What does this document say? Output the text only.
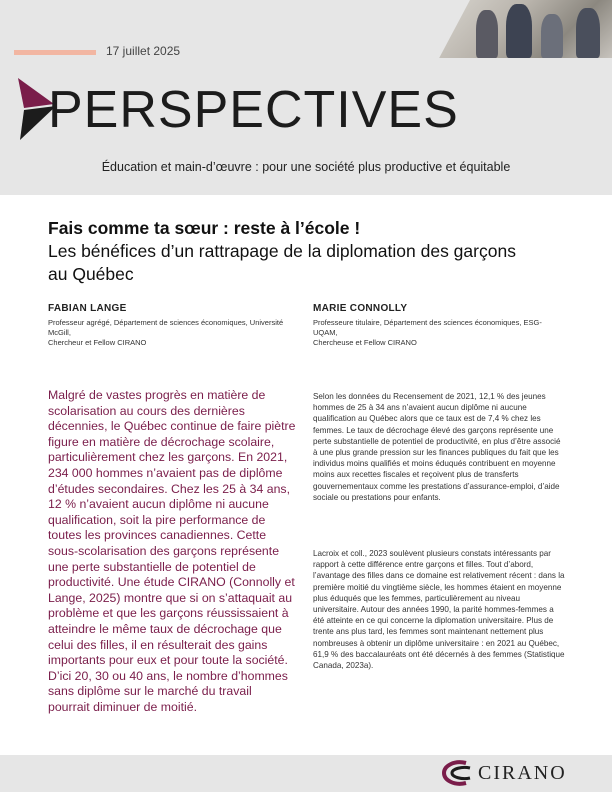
17 juillet 2025
PERSPECTIVES
Éducation et main-d’œuvre : pour une société plus productive et équitable
Fais comme ta sœur : reste à l’école !
Les bénéfices d’un rattrapage de la diplomation des garçons au Québec
FABIAN LANGE
Professeur agrégé, Département de sciences économiques, Université McGill,
Chercheur et Fellow CIRANO
MARIE CONNOLLY
Professeure titulaire, Département des sciences économiques, ESG-UQAM,
Chercheuse et Fellow CIRANO
Malgré de vastes progrès en matière de scolarisation au cours des dernières décennies, le Québec continue de faire piètre figure en matière de décrochage scolaire, particulièrement chez les garçons. En 2021, 234 000 hommes n’avaient pas de diplôme d’études secondaires. Chez les 25 à 34 ans, 12 % n’avaient aucun diplôme ni aucune qualification, soit la pire performance de toutes les provinces canadiennes. Cette sous-scolarisation des garçons représente une perte substantielle de potentiel de productivité. Une étude CIRANO (Connolly et Lange, 2025) montre que si on s’attaquait au problème et que les garçons réussissaient à atteindre le même taux de décrochage que celui des filles, il en résulterait des gains importants pour eux et pour toute la société. D’ici 20, 30 ou 40 ans, le nombre d’hommes sans diplôme sur le marché du travail pourrait diminuer de moitié.
Selon les données du Recensement de 2021, 12,1 % des jeunes hommes de 25 à 34 ans n’avaient aucun diplôme ni aucune qualification au Québec alors que ce taux est de 7,4 % chez les femmes. Le taux de décrochage élevé des garçons représente une perte substantielle de potentiel de productivité, en plus d’être associé à une plus grande pression sur les finances publiques du fait que les individus moins qualifiés et moins éduqués contribuent en moyenne moins aux recettes fiscales et reçoivent plus de transferts gouvernementaux comme les prestations d’assurance-emploi, d’aide sociale ou prestations pour enfants.
Lacroix et coll., 2023 soulèvent plusieurs constats intéressants par rapport à cette différence entre garçons et filles. Tout d’abord, l’avantage des filles dans ce domaine est relativement récent : dans la première moitié du vingtième siècle, les hommes étaient en moyenne plus éduqués que les femmes, particulièrement au niveau universitaire. Autour des années 1990, la parité hommes-femmes a été atteinte en ce qui concerne la diplomation universitaire. Plus de trente ans plus tard, les femmes sont maintenant nettement plus nombreuses à obtenir un diplôme universitaire : en 2021 au Québec, 61,9 % des baccalauréats ont été décernés à des femmes (Statistique Canada, 2023a).
CIRANO
